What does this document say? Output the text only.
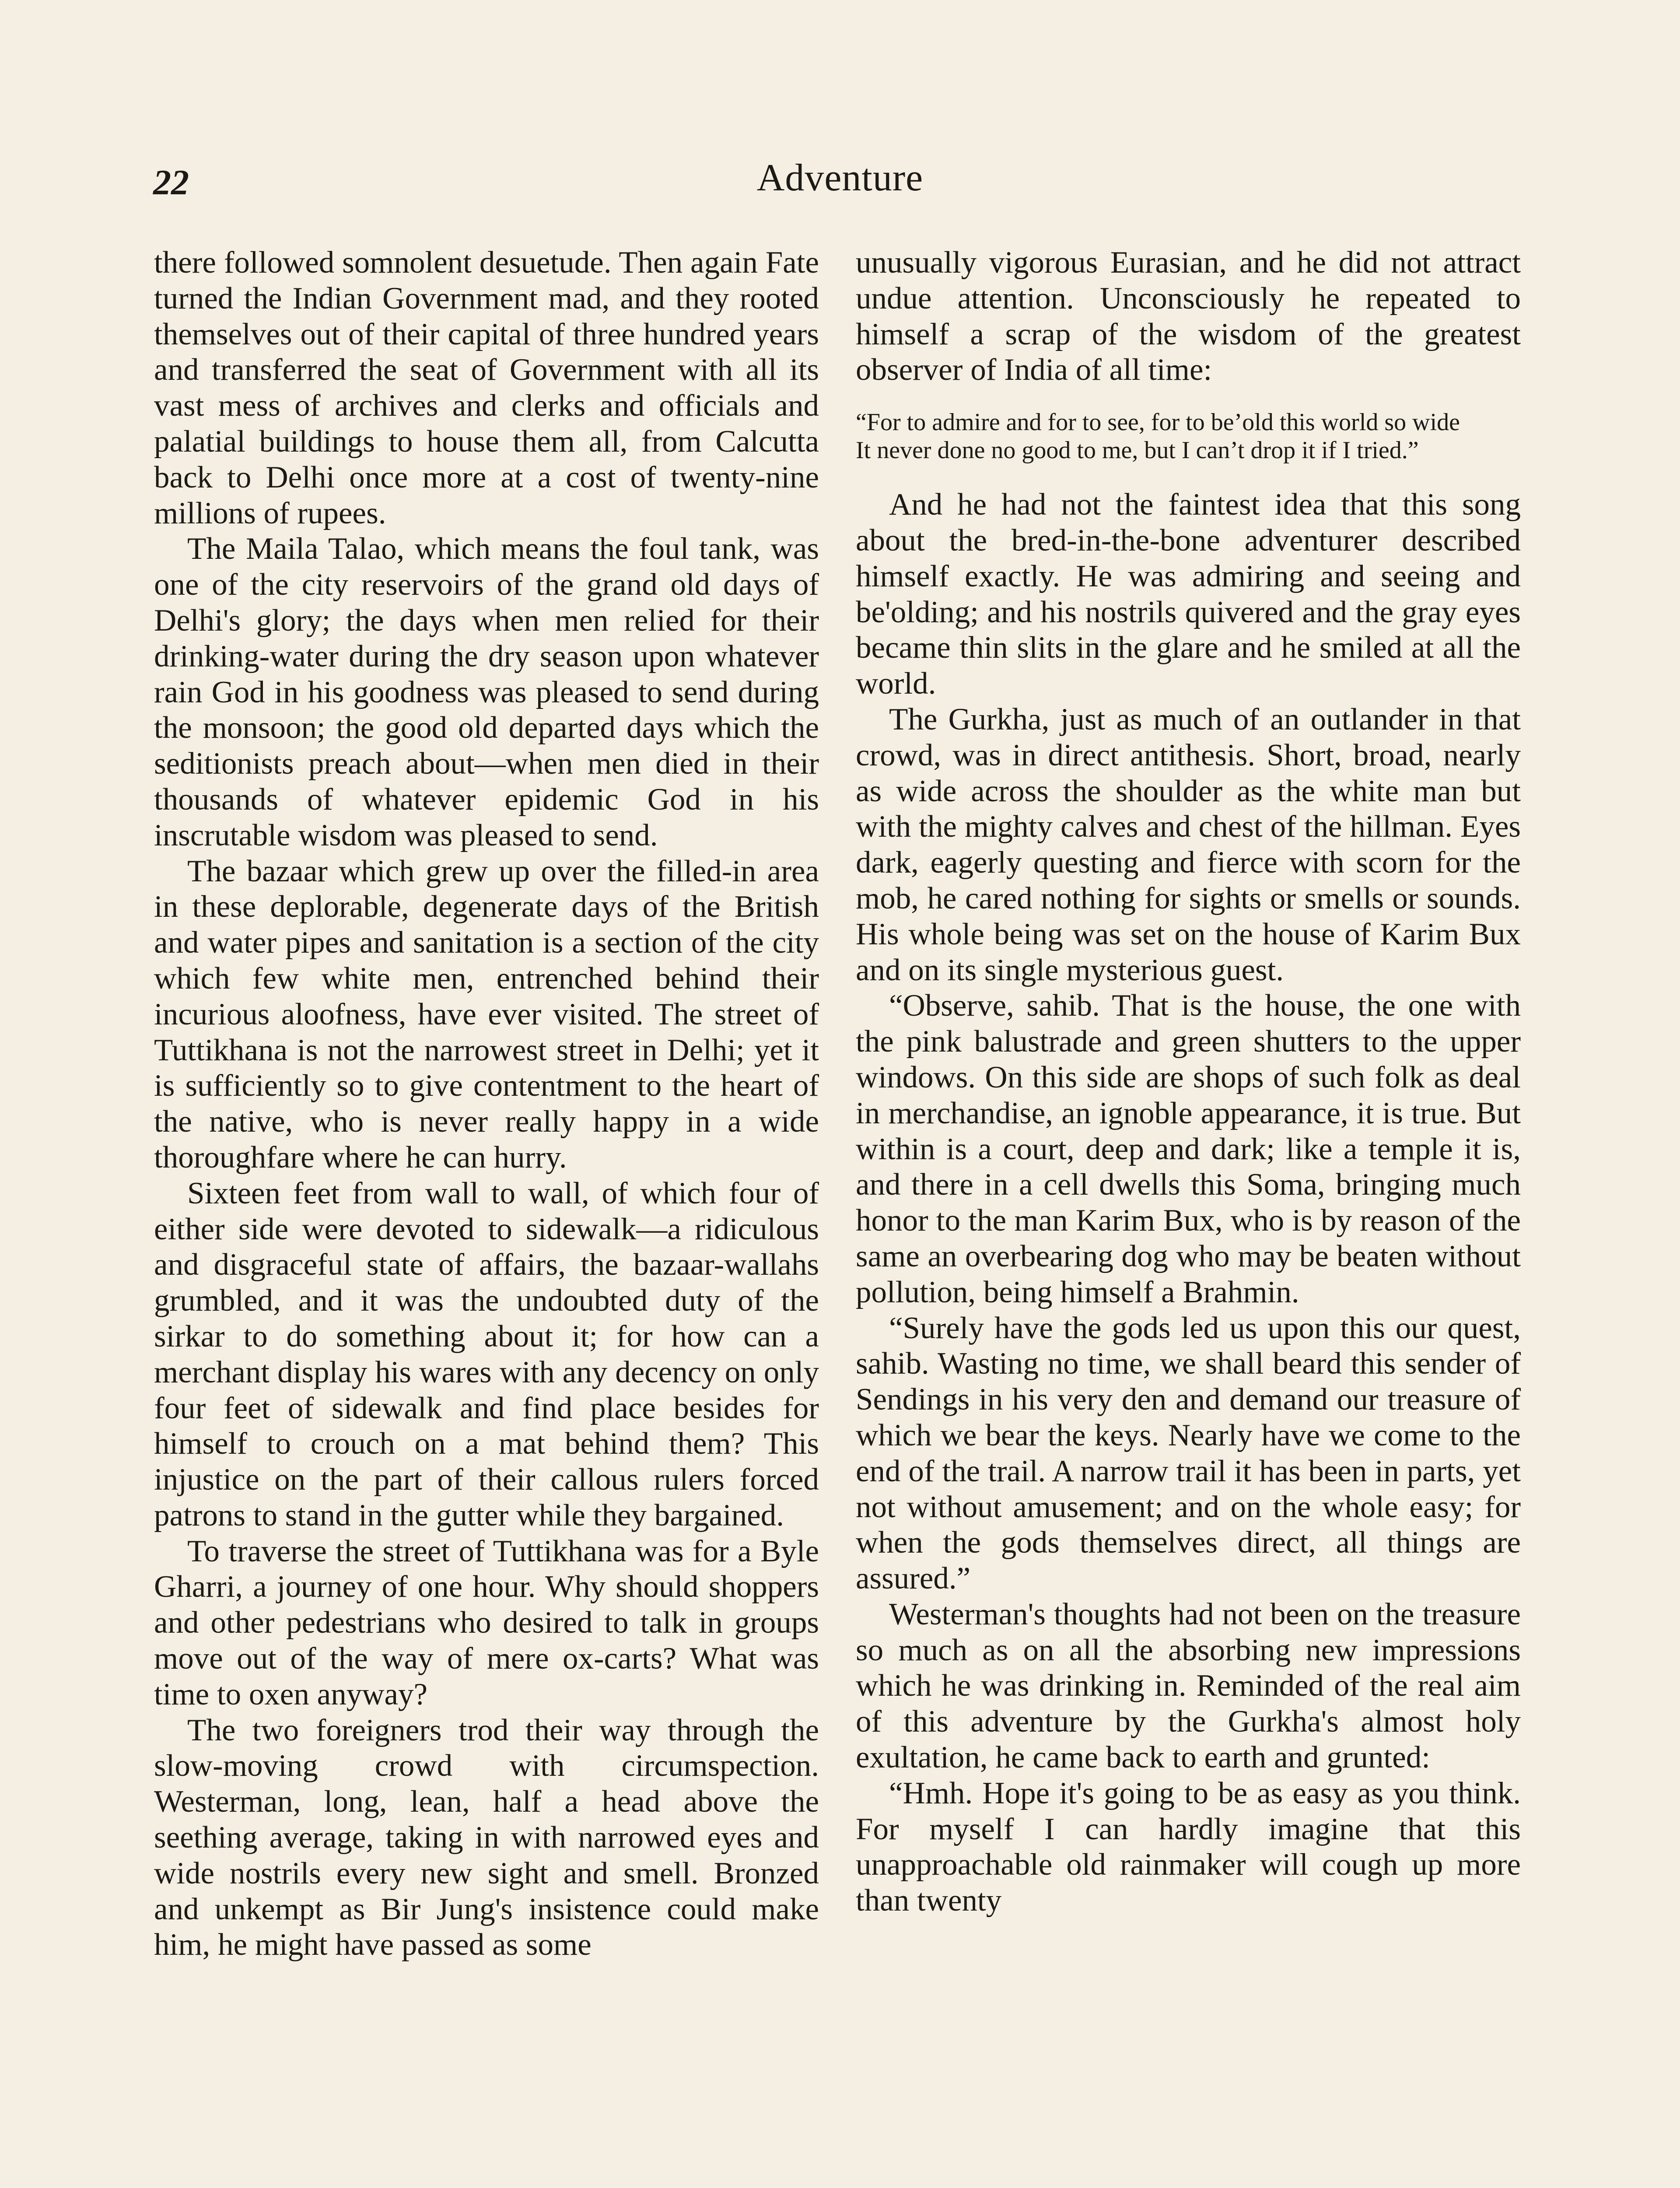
22	Adventure

there followed somnolent desuetude. Then again Fate turned the Indian Government mad, and they rooted themselves out of their capital of three hundred years and transferred the seat of Government with all its vast mess of archives and clerks and officials and palatial buildings to house them all, from Calcutta back to Delhi once more at a cost of twenty-nine millions of rupees.

The Maila Talao, which means the foul tank, was one of the city reservoirs of the grand old days of Delhi's glory; the days when men relied for their drinking-water during the dry season upon whatever rain God in his goodness was pleased to send during the monsoon; the good old departed days which the seditionists preach about—when men died in their thousands of whatever epidemic God in his inscrutable wisdom was pleased to send.

The bazaar which grew up over the filled-in area in these deplorable, degenerate days of the British and water pipes and sanitation is a section of the city which few white men, entrenched behind their incurious aloofness, have ever visited. The street of Tuttikhana is not the narrowest street in Delhi; yet it is sufficiently so to give contentment to the heart of the native, who is never really happy in a wide thoroughfare where he can hurry.

Sixteen feet from wall to wall, of which four of either side were devoted to sidewalk—a ridiculous and disgraceful state of affairs, the bazaar-wallahs grumbled, and it was the undoubted duty of the sirkar to do something about it; for how can a merchant display his wares with any decency on only four feet of sidewalk and find place besides for himself to crouch on a mat behind them? This injustice on the part of their callous rulers forced patrons to stand in the gutter while they bargained.

To traverse the street of Tuttikhana was for a Byle Gharri, a journey of one hour. Why should shoppers and other pedestrians who desired to talk in groups move out of the way of mere ox-carts? What was time to oxen anyway?

The two foreigners trod their way through the slow-moving crowd with circumspection. Westerman, long, lean, half a head above the seething average, taking in with narrowed eyes and wide nostrils every new sight and smell. Bronzed and unkempt as Bir Jung's insistence could make him, he might have passed as some

unusually vigorous Eurasian, and he did not attract undue attention. Unconsciously he repeated to himself a scrap of the wisdom of the greatest observer of India of all time:

“For to admire and for to see, for to be’old this world so wide
It never done no good to me, but I can’t drop it if I tried.”

And he had not the faintest idea that this song about the bred-in-the-bone adventurer described himself exactly. He was admiring and seeing and be'olding; and his nostrils quivered and the gray eyes became thin slits in the glare and he smiled at all the world.

The Gurkha, just as much of an outlander in that crowd, was in direct antithesis. Short, broad, nearly as wide across the shoulder as the white man but with the mighty calves and chest of the hillman. Eyes dark, eagerly questing and fierce with scorn for the mob, he cared nothing for sights or smells or sounds. His whole being was set on the house of Karim Bux and on its single mysterious guest.

“Observe, sahib. That is the house, the one with the pink balustrade and green shutters to the upper windows. On this side are shops of such folk as deal in merchandise, an ignoble appearance, it is true. But within is a court, deep and dark; like a temple it is, and there in a cell dwells this Soma, bringing much honor to the man Karim Bux, who is by reason of the same an overbearing dog who may be beaten without pollution, being himself a Brahmin.

“Surely have the gods led us upon this our quest, sahib. Wasting no time, we shall beard this sender of Sendings in his very den and demand our treasure of which we bear the keys. Nearly have we come to the end of the trail. A narrow trail it has been in parts, yet not without amusement; and on the whole easy; for when the gods themselves direct, all things are assured.”

Westerman's thoughts had not been on the treasure so much as on all the absorbing new impressions which he was drinking in. Reminded of the real aim of this adventure by the Gurkha's almost holy exultation, he came back to earth and grunted:

“Hmh. Hope it's going to be as easy as you think. For myself I can hardly imagine that this unapproachable old rainmaker will cough up more than twenty
